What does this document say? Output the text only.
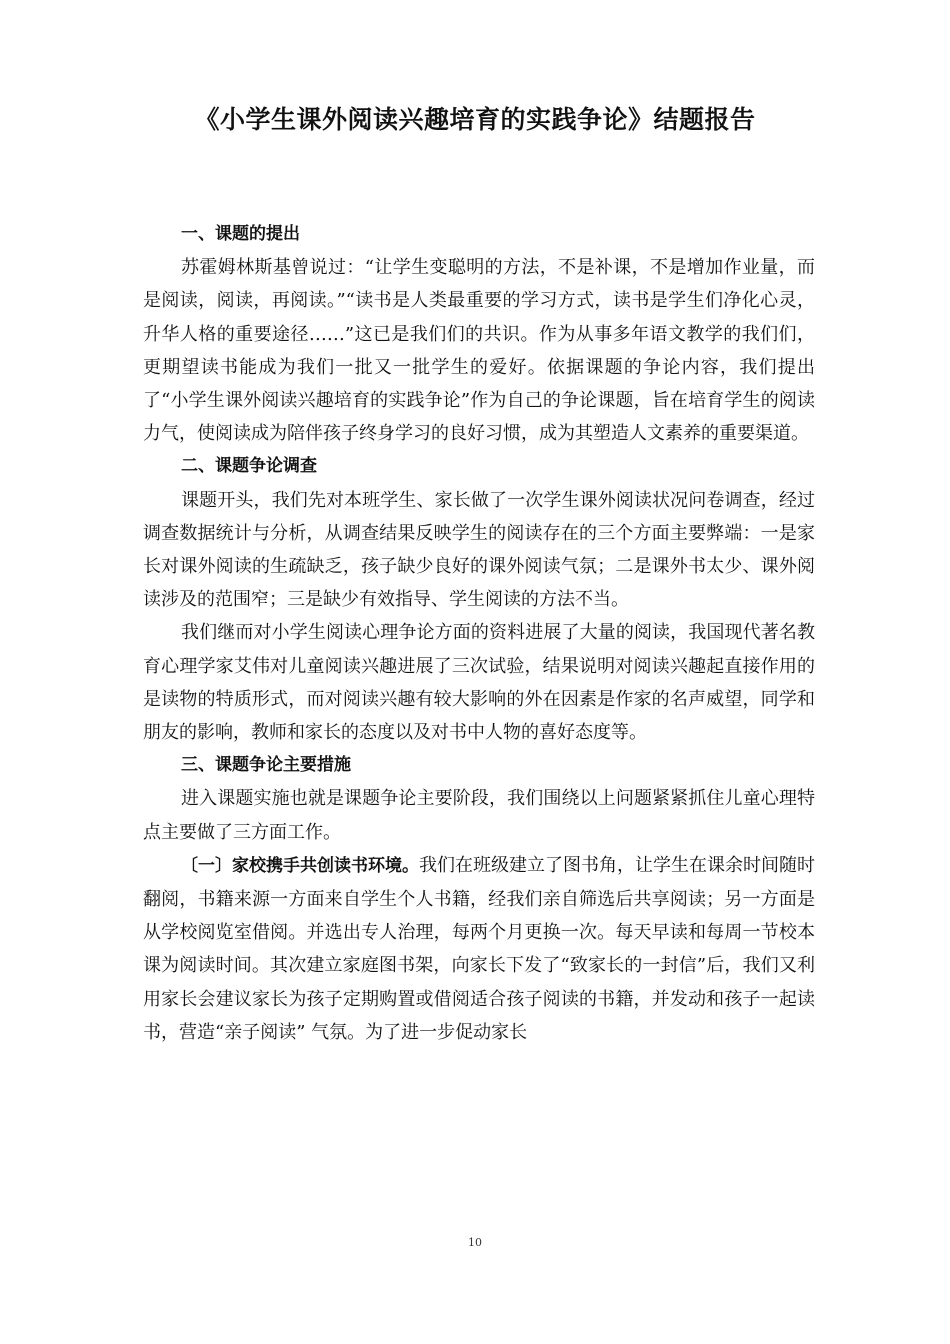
《小学生课外阅读兴趣培育的实践争论》结题报告

一、课题的提出

苏霍姆林斯基曾说过：“让学生变聪明的方法，不是补课，不是增加作业量，而是阅读，阅读，再阅读。”“读书是人类最重要的学习方式，读书是学生们净化心灵，升华人格的重要途径……”这已是我们们的共识。作为从事多年语文教学的我们们，更期望读书能成为我们一批又一批学生的爱好。依据课题的争论内容，我们提出了“小学生课外阅读兴趣培育的实践争论”作为自己的争论课题，旨在培育学生的阅读力气，使阅读成为陪伴孩子终身学习的良好习惯，成为其塑造人文素养的重要渠道。

二、课题争论调查

课题开头，我们先对本班学生、家长做了一次学生课外阅读状况问卷调查，经过调查数据统计与分析，从调查结果反映学生的阅读存在的三个方面主要弊端：一是家长对课外阅读的生疏缺乏，孩子缺少良好的课外阅读气氛；二是课外书太少、课外阅读涉及的范围窄；三是缺少有效指导、学生阅读的方法不当。

我们继而对小学生阅读心理争论方面的资料进展了大量的阅读，我国现代著名教育心理学家艾伟对儿童阅读兴趣进展了三次试验，结果说明对阅读兴趣起直接作用的是读物的特质形式，而对阅读兴趣有较大影响的外在因素是作家的名声威望，同学和朋友的影响，教师和家长的态度以及对书中人物的喜好态度等。

三、课题争论主要措施

进入课题实施也就是课题争论主要阶段，我们围绕以上问题紧紧抓住儿童心理特点主要做了三方面工作。

〔一〕家校携手共创读书环境。我们在班级建立了图书角，让学生在课余时间随时翻阅，书籍来源一方面来自学生个人书籍，经我们亲自筛选后共享阅读；另一方面是从学校阅览室借阅。并选出专人治理，每两个月更换一次。每天早读和每周一节校本课为阅读时间。其次建立家庭图书架，向家长下发了“致家长的一封信”后，我们又利用家长会建议家长为孩子定期购置或借阅适合孩子阅读的书籍，并发动和孩子一起读书，营造“亲子阅读” 气氛。为了进一步促动家长

10
